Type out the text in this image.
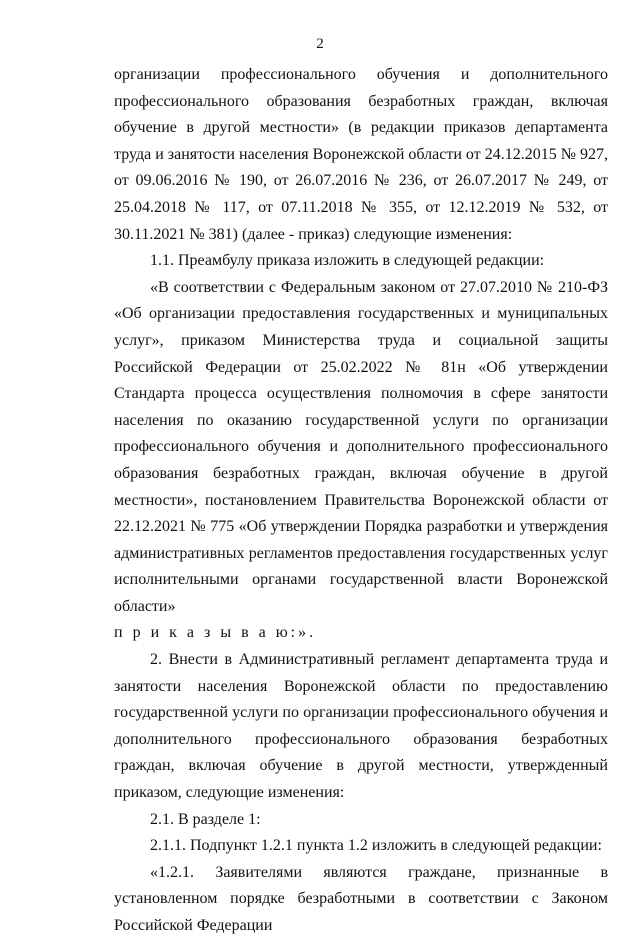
2

организации профессионального обучения и дополнительного профессионального образования безработных граждан, включая обучение в другой местности» (в редакции приказов департамента труда и занятости населения Воронежской области от 24.12.2015 № 927, от 09.06.2016 № 190, от 26.07.2016 № 236, от 26.07.2017 № 249, от 25.04.2018 № 117, от 07.11.2018 № 355, от 12.12.2019 № 532, от 30.11.2021 № 381) (далее - приказ) следующие изменения:

1.1. Преамбулу приказа изложить в следующей редакции:

«В соответствии с Федеральным законом от 27.07.2010 № 210-ФЗ «Об организации предоставления государственных и муниципальных услуг», приказом Министерства труда и социальной защиты Российской Федерации от 25.02.2022 № 81н «Об утверждении Стандарта процесса осуществления полномочия в сфере занятости населения по оказанию государственной услуги по организации профессионального обучения и дополнительного профессионального образования безработных граждан, включая обучение в другой местности», постановлением Правительства Воронежской области от 22.12.2021 № 775 «Об утверждении Порядка разработки и утверждения административных регламентов предоставления государственных услуг исполнительными органами государственной власти Воронежской области»
п р и к а з ы в а ю:».

2. Внести в Административный регламент департамента труда и занятости населения Воронежской области по предоставлению государственной услуги по организации профессионального обучения и дополнительного профессионального образования безработных граждан, включая обучение в другой местности, утвержденный приказом, следующие изменения:

2.1. В разделе 1:

2.1.1. Подпункт 1.2.1 пункта 1.2 изложить в следующей редакции:

«1.2.1. Заявителями являются граждане, признанные в установленном порядке безработными в соответствии с Законом Российской Федерации
